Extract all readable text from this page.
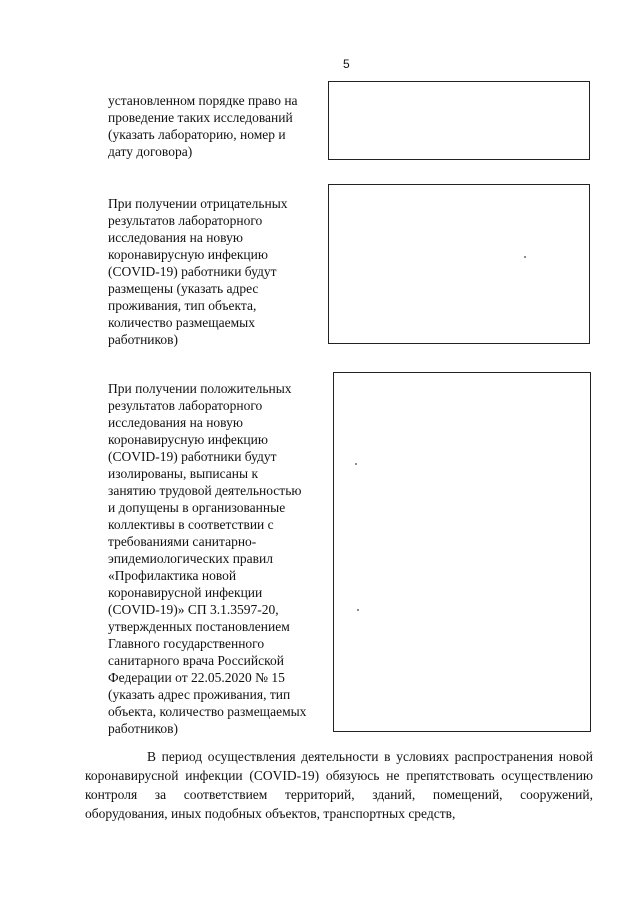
5
установленном порядке право на
проведение таких исследований
(указать лабораторию, номер и
дату договора)
При получении отрицательных
результатов лабораторного
исследования на новую
коронавирусную инфекцию
(COVID-19) работники будут
размещены (указать адрес
проживания, тип объекта,
количество размещаемых
работников)
При получении положительных
результатов лабораторного
исследования на новую
коронавирусную инфекцию
(COVID-19) работники будут
изолированы, выписаны к
занятию трудовой деятельностью
и допущены в организованные
коллективы в соответствии с
требованиями санитарно-
эпидемиологических правил
«Профилактика новой
коронавирусной инфекции
(COVID-19)» СП 3.1.3597-20,
утвержденных постановлением
Главного государственного
санитарного врача Российской
Федерации от 22.05.2020 № 15
(указать адрес проживания, тип
объекта, количество размещаемых
работников)
В период осуществления деятельности в условиях распространения новой коронавирусной инфекции (COVID-19) обязуюсь не препятствовать осуществлению контроля за соответствием территорий, зданий, помещений, сооружений, оборудования, иных подобных объектов, транспортных средств,
